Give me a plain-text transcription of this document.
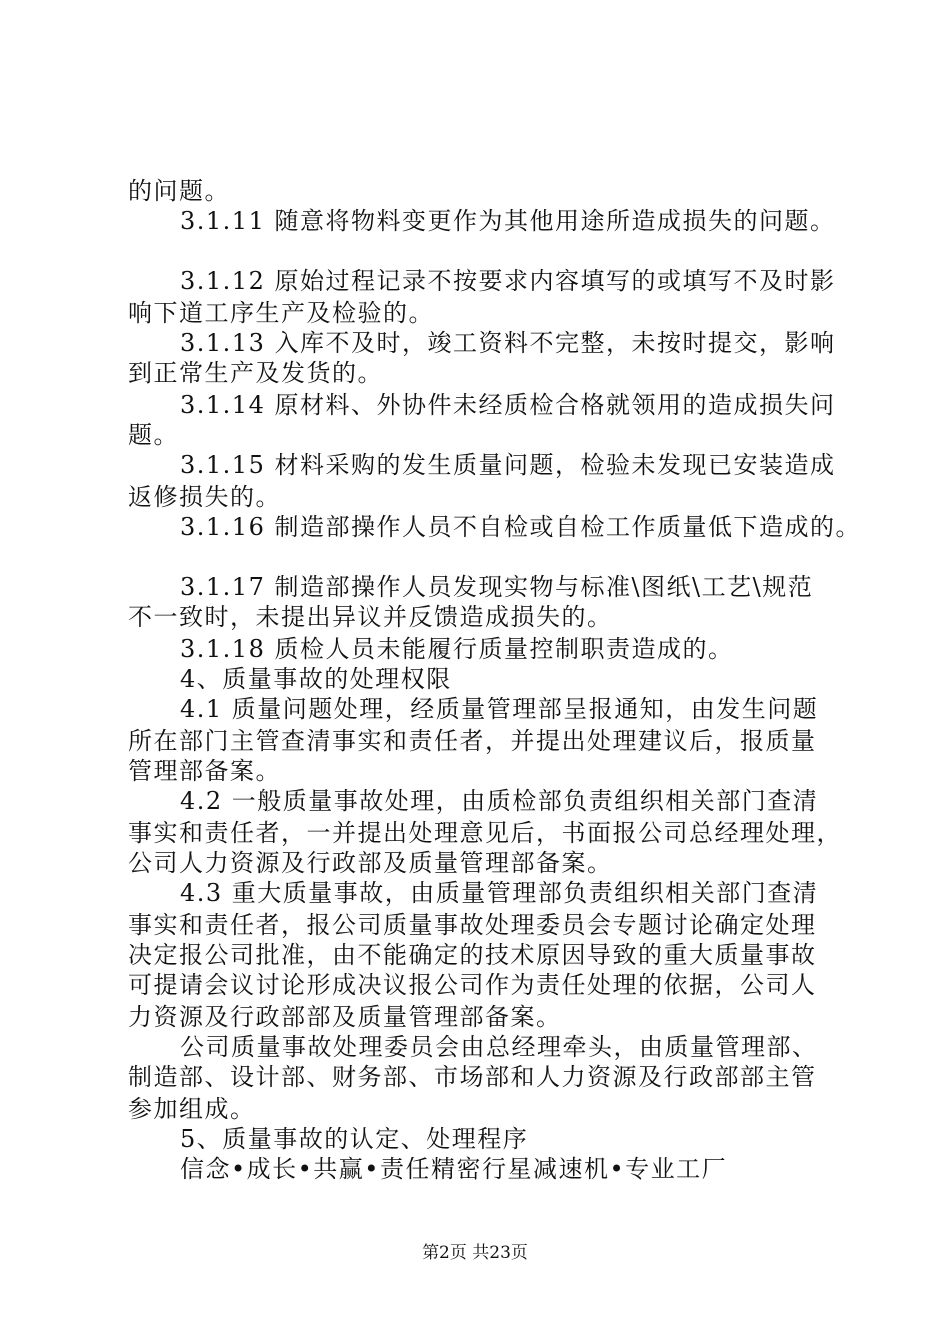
的问题。
3.1.11 随意将物料变更作为其他用途所造成损失的问题。
3.1.12 原始过程记录不按要求内容填写的或填写不及时影
响下道工序生产及检验的。
3.1.13 入库不及时，竣工资料不完整，未按时提交，影响
到正常生产及发货的。
3.1.14 原材料、外协件未经质检合格就领用的造成损失问
题。
3.1.15 材料采购的发生质量问题，检验未发现已安装造成
返修损失的。
3.1.16 制造部操作人员不自检或自检工作质量低下造成的。
3.1.17 制造部操作人员发现实物与标准\图纸\工艺\规范
不一致时，未提出异议并反馈造成损失的。
3.1.18 质检人员未能履行质量控制职责造成的。
4、质量事故的处理权限
4.1 质量问题处理，经质量管理部呈报通知，由发生问题
所在部门主管查清事实和责任者，并提出处理建议后，报质量
管理部备案。
4.2 一般质量事故处理，由质检部负责组织相关部门查清
事实和责任者，一并提出处理意见后，书面报公司总经理处理，
公司人力资源及行政部及质量管理部备案。
4.3 重大质量事故，由质量管理部负责组织相关部门查清
事实和责任者，报公司质量事故处理委员会专题讨论确定处理
决定报公司批准，由不能确定的技术原因导致的重大质量事故
可提请会议讨论形成决议报公司作为责任处理的依据，公司人
力资源及行政部部及质量管理部备案。
公司质量事故处理委员会由总经理牵头，由质量管理部、
制造部、设计部、财务部、市场部和人力资源及行政部部主管
参加组成。
5、质量事故的认定、处理程序
信念•成长•共赢•责任精密行星减速机•专业工厂
第2页 共23页
